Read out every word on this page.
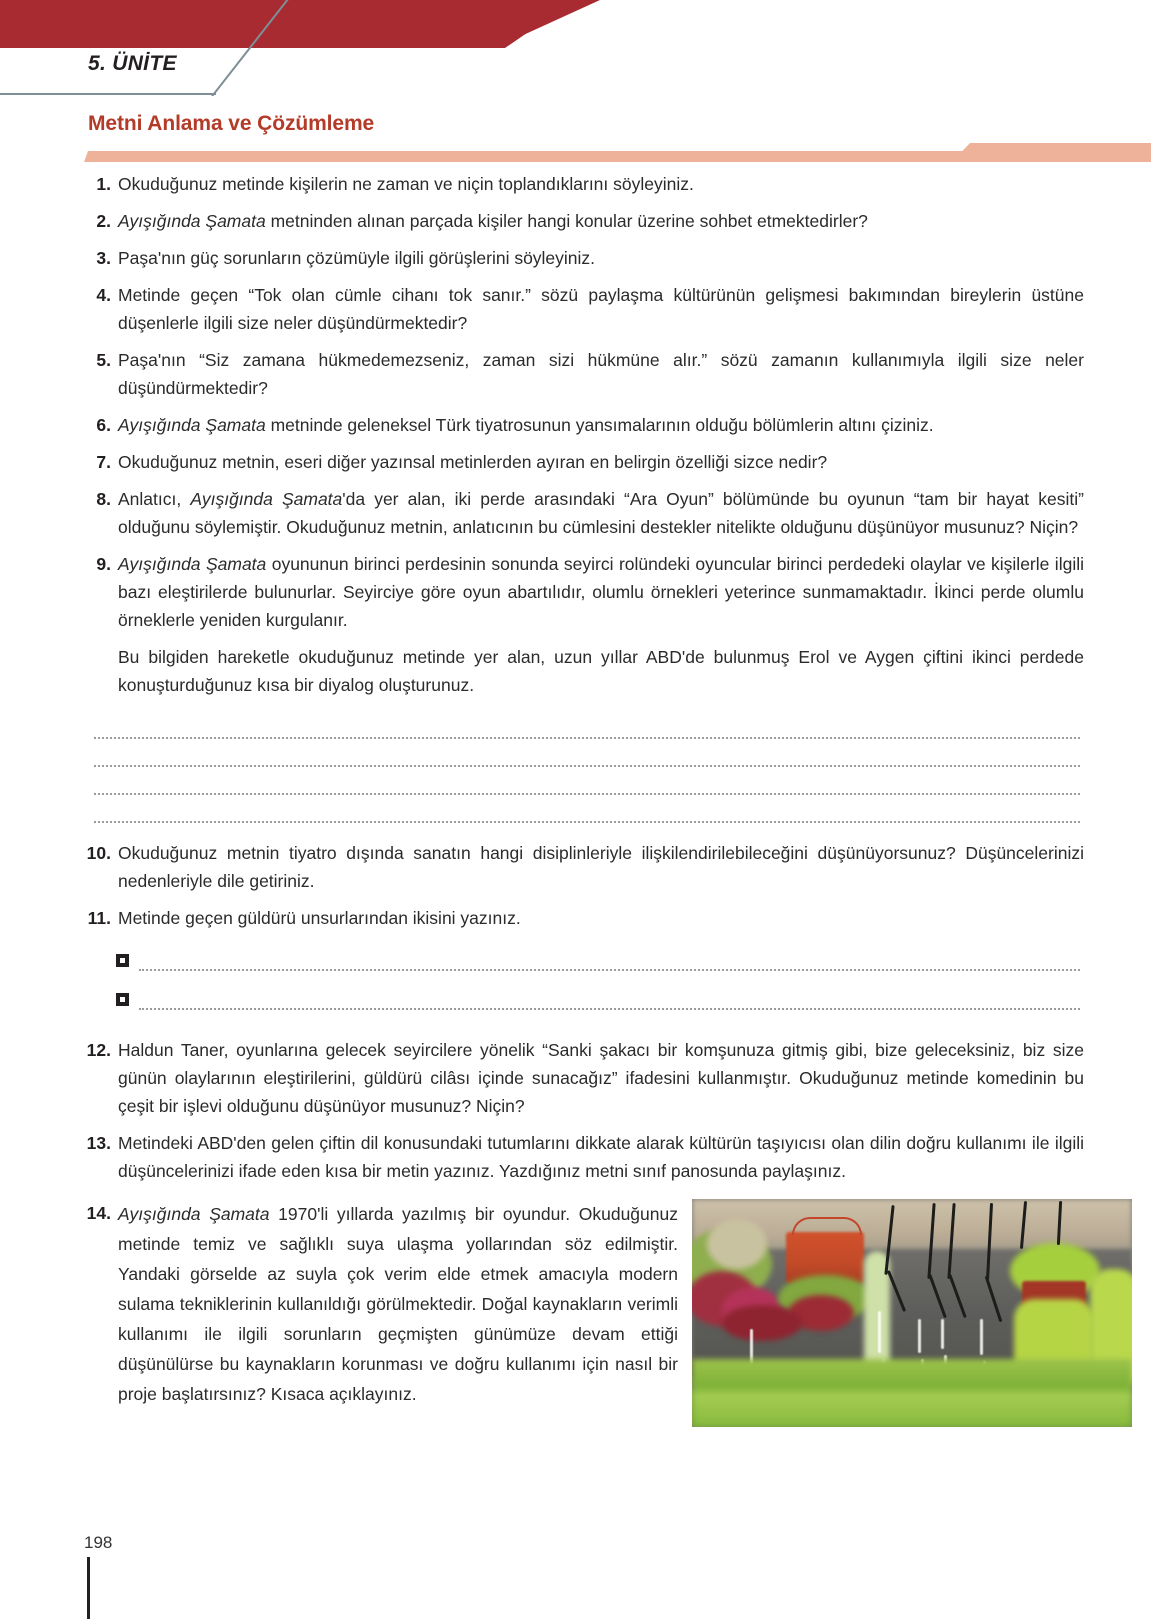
5. ÜNİTE
Metni Anlama ve Çözümleme
1. Okuduğunuz metinde kişilerin ne zaman ve niçin toplandıklarını söyleyiniz.
2. Ayışığında Şamata metninden alınan parçada kişiler hangi konular üzerine sohbet etmektedirler?
3. Paşa'nın güç sorunların çözümüyle ilgili görüşlerini söyleyiniz.
4. Metinde geçen “Tok olan cümle cihanı tok sanır.” sözü paylaşma kültürünün gelişmesi bakımından bireylerin üstüne düşenlerle ilgili size neler düşündürmektedir?
5. Paşa'nın “Siz zamana hükmedemezseniz, zaman sizi hükmüne alır.” sözü zamanın kullanımıyla ilgili size neler düşündürmektedir?
6. Ayışığında Şamata metninde geleneksel Türk tiyatrosunun yansımalarının olduğu bölümlerin altını çiziniz.
7. Okuduğunuz metnin, eseri diğer yazınsal metinlerden ayıran en belirgin özelliği sizce nedir?
8. Anlatıcı, Ayışığında Şamata'da yer alan, iki perde arasındaki “Ara Oyun” bölümünde bu oyunun “tam bir hayat kesiti” olduğunu söylemiştir. Okuduğunuz metnin, anlatıcının bu cümlesini destekler nitelikte olduğunu düşünüyor musunuz? Niçin?
9. Ayışığında Şamata oyununun birinci perdesinin sonunda seyirci rolündeki oyuncular birinci perdedeki olaylar ve kişilerle ilgili bazı eleştirilerde bulunurlar. Seyirciye göre oyun abartılıdır, olumlu örnekleri yeterince sunmamaktadır. İkinci perde olumlu örneklerle yeniden kurgulanır.
Bu bilgiden hareketle okuduğunuz metinde yer alan, uzun yıllar ABD'de bulunmuş Erol ve Aygen çiftini ikinci perdede konuşturduğunuz kısa bir diyalog oluşturunuz.
10. Okuduğunuz metnin tiyatro dışında sanatın hangi disiplinleriyle ilişkilendirilebileceğini düşünüyorsunuz? Düşüncelerinizi nedenleriyle dile getiriniz.
11. Metinde geçen güldürü unsurlarından ikisini yazınız.
12. Haldun Taner, oyunlarına gelecek seyircilere yönelik “Sanki şakacı bir komşunuza gitmiş gibi, bize geleceksiniz, biz size günün olaylarının eleştirilerini, güldürü cilâsı içinde sunacağız” ifadesini kullanmıştır. Okuduğunuz metinde komedinin bu çeşit bir işlevi olduğunu düşünüyor musunuz? Niçin?
13. Metindeki ABD'den gelen çiftin dil konusundaki tutumlarını dikkate alarak kültürün taşıyıcısı olan dilin doğru kullanımı ile ilgili düşüncelerinizi ifade eden kısa bir metin yazınız. Yazdığınız metni sınıf panosunda paylaşınız.
14. Ayışığında Şamata 1970'li yıllarda yazılmış bir oyundur. Okuduğunuz metinde temiz ve sağlıklı suya ulaşma yollarından söz edilmiştir. Yandaki görselde az suyla çok verim elde etmek amacıyla modern sulama tekniklerinin kullanıldığı görülmektedir. Doğal kaynakların verimli kullanımı ile ilgili sorunların geçmişten günümüze devam ettiği düşünülürse bu kaynakların korunması ve doğru kullanımı için nasıl bir proje başlatırsınız? Kısaca açıklayınız.
198
